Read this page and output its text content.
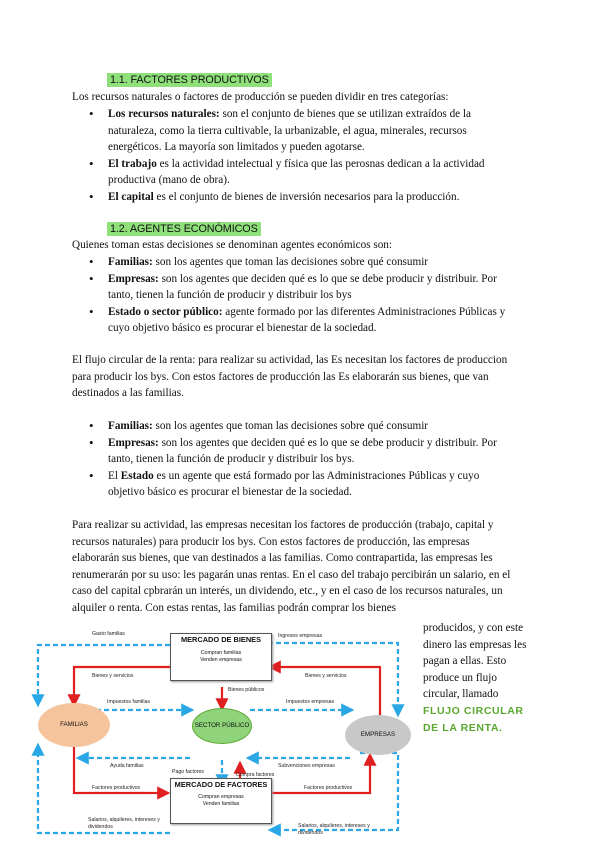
1.1. FACTORES PRODUCTIVOS

Los recursos naturales o factores de producción se pueden dividir en tres categorías:

• Los recursos naturales: son el conjunto de bienes que se utilizan extraídos de la naturaleza, como la tierra cultivable, la urbanizable, el agua, minerales, recursos energéticos. La mayoría son limitados y pueden agotarse.
• El trabajo es la actividad intelectual y física que las perosnas dedican a la actividad productiva (mano de obra).
• El capital es el conjunto de bienes de inversión necesarios para la producción.
1.2. AGENTES ECONÓMICOS

Quienes toman estas decisiones se denominan agentes económicos son:

• Familias: son los agentes que toman las decisiones sobre qué consumir
• Empresas: son los agentes que deciden qué es lo que se debe producir y distribuir. Por tanto, tienen la función de producir y distribuir los bys
• Estado o sector público: agente formado por las diferentes Administraciones Públicas y cuyo objetivo básico es procurar el bienestar de la sociedad.

El flujo circular de la renta: para realizar su actividad, las Es necesitan los factores de produccion para producir los bys. Con estos factores de producción las Es elaborarán sus bienes, que van destinados a las familias.

• Familias: son los agentes que toman las decisiones sobre qué consumir
• Empresas: son los agentes que deciden qué es lo que se debe producir y distribuir. Por tanto, tienen la función de producir y distribuir los bys.
• El Estado es un agente que está formado por las Administraciones Públicas y cuyo objetivo básico es procurar el bienestar de la sociedad.

Para realizar su actividad, las empresas necesitan los factores de producción (trabajo, capital y recursos naturales) para producir los bys. Con estos factores de producción, las empresas elaborarán sus bienes, que van destinados a las familias. Como contrapartida, las empresas les renumerarán por su uso: les pagarán unas rentas. En el caso del trabajo percibirán un salario, en el caso del capital cpbrarán un interés, un dividendo, etc., y en el caso de los recursos naturales, un alquiler o renta. Con estas rentas, las familias podrán comprar los bienes

producidos, y con este dinero las empresas les pagan a ellas. Esto produce un flujo circular, llamado FLUJO CIRCULAR DE LA RENTA.

MERCADO DE BIENES
Compran familias
Venden empresas
MERCADO DE FACTORES
Compran empresas
Venden familias
FAMILIAS	SECTOR PÚBLICO
EMPRESAS
Gasto familias	Ingresos empresas
Bienes y servicios	Bienes y servicios
Bienes públicos
Impuestos familias	Impuestos empresas
Ayuda familias	Subvenciones empresas
Pago factores	Compra factores
Factores productivos	Factores productivos
Salarios, alquileres, intereses y dividendos	Salarios, alquileres, intereses y dividendos
